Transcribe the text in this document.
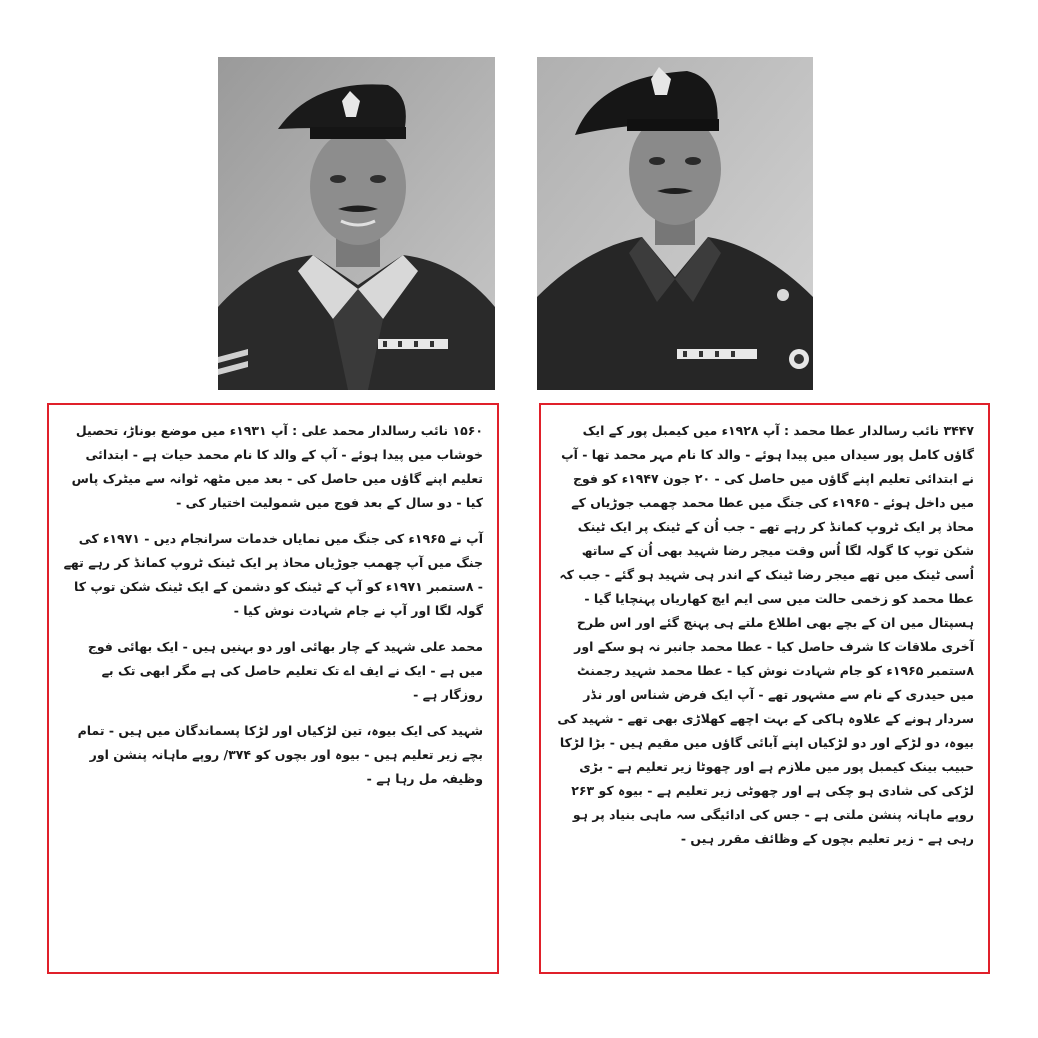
۱۵۶۰ نائب رسالدار محمد علی : آپ ۱۹۳۱ء میں موضع بوناڑ، تحصیل خوشاب میں پیدا ہوئے - آپ کے والد کا نام محمد حیات ہے - ابتدائی تعلیم اپنے گاؤں میں حاصل کی - بعد میں مٹھہ ٹوانہ سے میٹرک پاس کیا - دو سال کے بعد فوج میں شمولیت اختیار کی -

آپ نے ۱۹۶۵ء کی جنگ میں نمایاں خدمات سرانجام دیں - ۱۹۷۱ء کی جنگ میں آپ چھمب جوڑیاں محاذ پر ایک ٹینک ٹروپ کمانڈ کر رہے تھے - ۸ستمبر ۱۹۷۱ء کو آپ کے ٹینک کو دشمن کے ایک ٹینک شکن توپ کا گولہ لگا اور آپ نے جام شہادت نوش کیا -

محمد علی شہید کے چار بھائی اور دو بہنیں ہیں - ایک بھائی فوج میں ہے - ایک نے ایف اے تک تعلیم حاصل کی ہے مگر ابھی تک بے روزگار ہے -

شہید کی ایک بیوہ، تین لڑکیاں اور لڑکا پسماندگان میں ہیں - تمام بچے زیر تعلیم ہیں - بیوہ اور بچوں کو ۳۷۴/ روپے ماہانہ پنشن اور وظیفہ مل رہا ہے -

۳۴۴۷ نائب رسالدار عطا محمد : آپ ۱۹۲۸ء میں کیمبل پور کے ایک گاؤں کامل پور سیداں میں پیدا ہوئے - والد کا نام مہر محمد تھا - آپ نے ابتدائی تعلیم اپنے گاؤں میں حاصل کی - ۲۰ جون ۱۹۴۷ء کو فوج میں داخل ہوئے - ۱۹۶۵ء کی جنگ میں عطا محمد چھمب جوڑیاں کے محاذ پر ایک ٹروپ کمانڈ کر رہے تھے - جب اُن کے ٹینک پر ایک ٹینک شکن توپ کا گولہ لگا اُس وقت میجر رضا شہید بھی اُن کے ساتھ اُسی ٹینک میں تھے میجر رضا ٹینک کے اندر ہی شہید ہو گئے - جب کہ عطا محمد کو زخمی حالت میں سی ایم ایچ کھاریاں پہنچایا گیا - ہسپتال میں ان کے بچے بھی اطلاع ملتے ہی پہنچ گئے اور اس طرح آخری ملاقات کا شرف حاصل کیا - عطا محمد جانبر نہ ہو سکے اور ۸ستمبر ۱۹۶۵ء کو جام شہادت نوش کیا - عطا محمد شہید رجمنٹ میں حیدری کے نام سے مشہور تھے - آپ ایک فرض شناس اور نڈر سردار ہونے کے علاوہ ہاکی کے بہت اچھے کھلاڑی بھی تھے - شہید کی بیوہ، دو لڑکے اور دو لڑکیاں اپنے آبائی گاؤں میں مقیم ہیں - بڑا لڑکا حبیب بینک کیمبل پور میں ملازم ہے اور چھوٹا زیر تعلیم ہے - بڑی لڑکی کی شادی ہو چکی ہے اور چھوٹی زیر تعلیم ہے - بیوہ کو ۲۶۳ روپے ماہانہ پنشن ملتی ہے - جس کی ادائیگی سہ ماہی بنیاد پر ہو رہی ہے - زیر تعلیم بچوں کے وظائف مقرر ہیں -
